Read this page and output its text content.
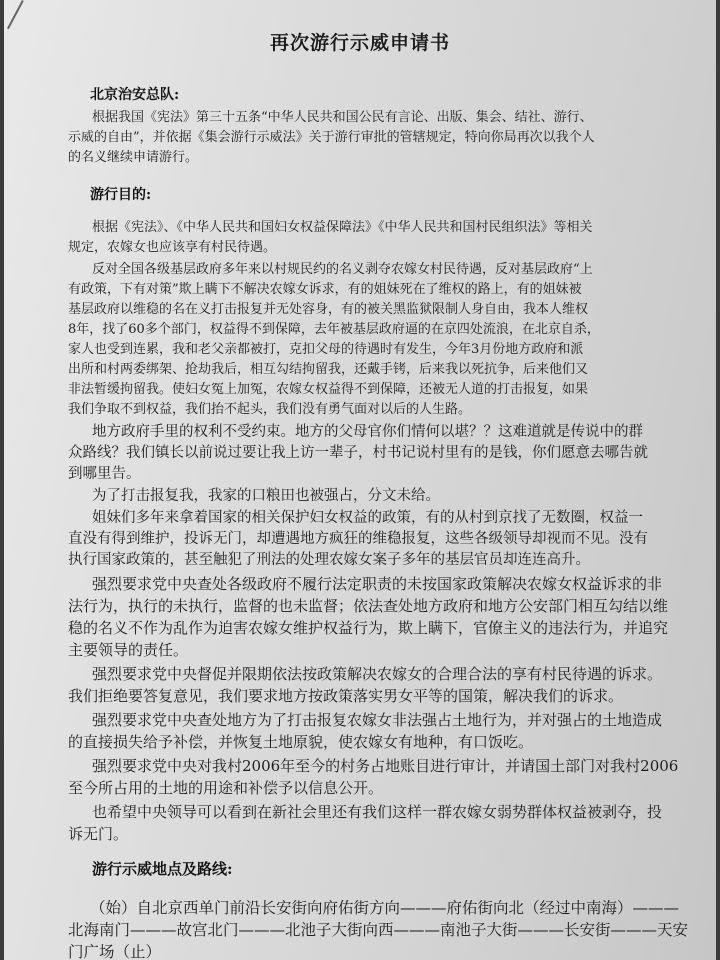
再次游行示威申请书
北京治安总队:
根据我国《宪法》第三十五条“中华人民共和国公民有言论、出版、集会、结社、游行、
示威的自由”，并依据《集会游行示威法》关于游行审批的管辖规定，特向你局再次以我个人
的名义继续申请游行。
游行目的:
根据《宪法》、《中华人民共和国妇女权益保障法》《中华人民共和国村民组织法》等相关
规定，农嫁女也应该享有村民待遇。
反对全国各级基层政府多年来以村规民约的名义剥夺农嫁女村民待遇，反对基层政府“上
有政策，下有对策”欺上瞒下不解决农嫁女诉求，有的姐妹死在了维权的路上，有的姐妹被
基层政府以维稳的名在义打击报复并无处容身，有的被关黑监狱限制人身自由，我本人维权
8年，找了60多个部门，权益得不到保障，去年被基层政府逼的在京四处流浪，在北京自杀，
家人也受到连累，我和老父亲都被打，克扣父母的待遇时有发生，今年3月份地方政府和派
出所和村两委绑架、抢劫我后，相互勾结拘留我，还戴手铐，后来我以死抗争，后来他们又
非法暂缓拘留我。使妇女冤上加冤，农嫁女权益得不到保障，还被无人道的打击报复，如果
我们争取不到权益，我们抬不起头，我们没有勇气面对以后的人生路。
地方政府手里的权利不受约束。地方的父母官你们情何以堪？？这难道就是传说中的群
众路线？我们镇长以前说过要让我上访一辈子，村书记说村里有的是钱，你们愿意去哪告就
到哪里告。
为了打击报复我，我家的口粮田也被强占，分文未给。
姐妹们多年来拿着国家的相关保护妇女权益的政策，有的从村到京找了无数圈，权益一
直没有得到维护，投诉无门，却遭遇地方疯狂的维稳报复，这些各级领导却视而不见。没有
执行国家政策的，甚至触犯了刑法的处理农嫁女案子多年的基层官员却连连高升。
强烈要求党中央查处各级政府不履行法定职责的未按国家政策解决农嫁女权益诉求的非
法行为，执行的未执行，监督的也未监督；依法查处地方政府和地方公安部门相互勾结以维
稳的名义不作为乱作为迫害农嫁女维护权益行为，欺上瞒下，官僚主义的违法行为，并追究
主要领导的责任。
强烈要求党中央督促并限期依法按政策解决农嫁女的合理合法的享有村民待遇的诉求。
我们拒绝要答复意见，我们要求地方按政策落实男女平等的国策，解决我们的诉求。
强烈要求党中央查处地方为了打击报复农嫁女非法强占土地行为，并对强占的土地造成
的直接损失给予补偿，并恢复土地原貌，使农嫁女有地种，有口饭吃。
强烈要求党中央对我村2006年至今的村务占地账目进行审计，并请国土部门对我村2006
至今所占用的土地的用途和补偿予以信息公开。
也希望中央领导可以看到在新社会里还有我们这样一群农嫁女弱势群体权益被剥夺，投
诉无门。
游行示威地点及路线:
（始）自北京西单门前沿长安街向府佑街方向———府佑街向北（经过中南海）———
北海南门———故宫北门———北池子大街向西———南池子大街———长安街———天安
门广场（止）
